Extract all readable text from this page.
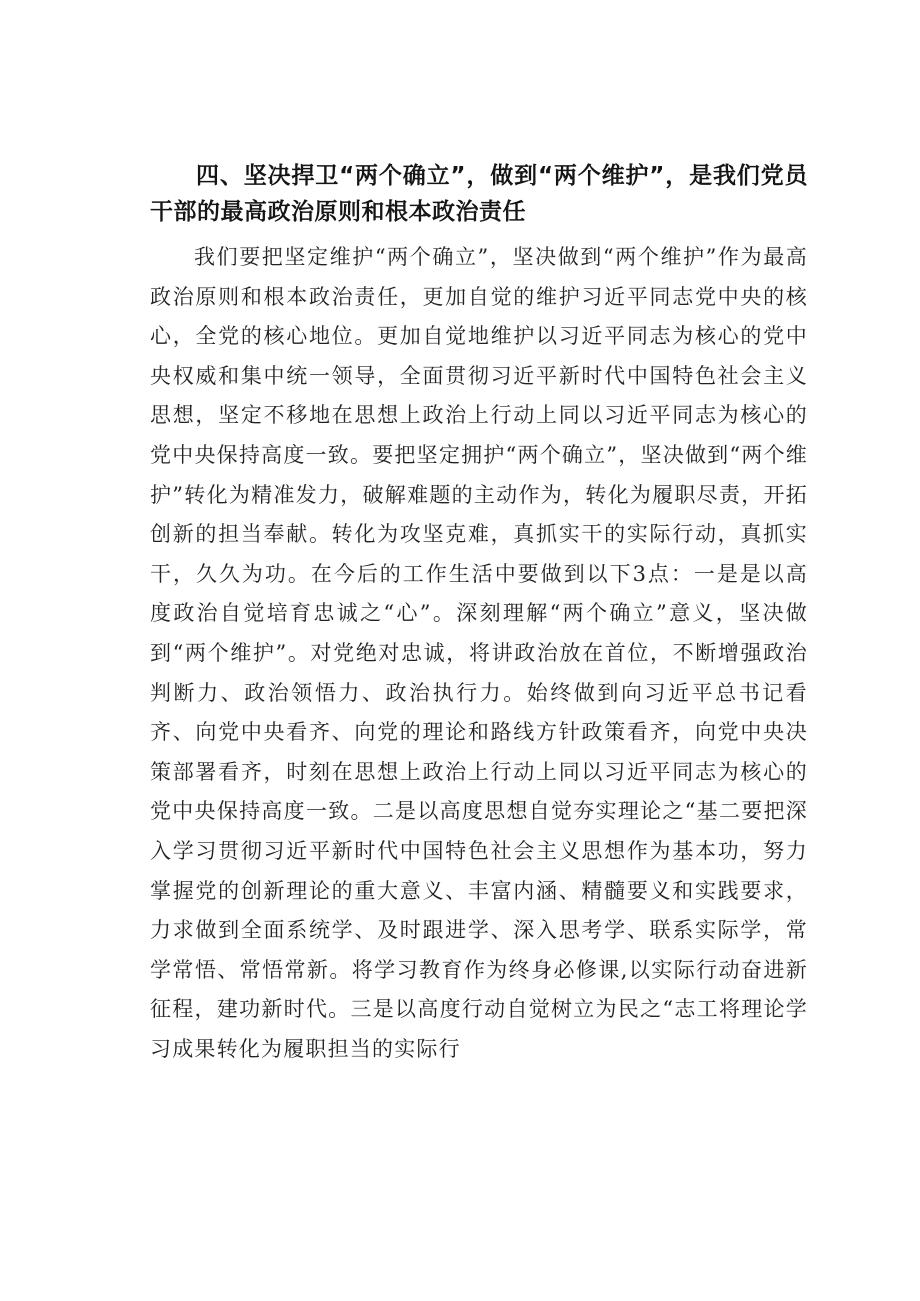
四、坚决捍卫“两个确立”，做到“两个维护”，是我们党员干部的最高政治原则和根本政治责任

我们要把坚定维护“两个确立”，坚决做到“两个维护”作为最高政治原则和根本政治责任，更加自觉的维护习近平同志党中央的核心，全党的核心地位。更加自觉地维护以习近平同志为核心的党中央权威和集中统一领导，全面贯彻习近平新时代中国特色社会主义思想，坚定不移地在思想上政治上行动上同以习近平同志为核心的党中央保持高度一致。要把坚定拥护“两个确立”，坚决做到“两个维护”转化为精准发力，破解难题的主动作为，转化为履职尽责，开拓创新的担当奉献。转化为攻坚克难，真抓实干的实际行动，真抓实干，久久为功。在今后的工作生活中要做到以下3点：一是是以高度政治自觉培育忠诚之“心”。深刻理解“两个确立”意义，坚决做到“两个维护”。对党绝对忠诚，将讲政治放在首位，不断增强政治判断力、政治领悟力、政治执行力。始终做到向习近平总书记看齐、向党中央看齐、向党的理论和路线方针政策看齐，向党中央决策部署看齐，时刻在思想上政治上行动上同以习近平同志为核心的党中央保持高度一致。二是以高度思想自觉夯实理论之“基二要把深入学习贯彻习近平新时代中国特色社会主义思想作为基本功，努力掌握党的创新理论的重大意义、丰富内涵、精髓要义和实践要求，力求做到全面系统学、及时跟进学、深入思考学、联系实际学，常学常悟、常悟常新。将学习教育作为终身必修课,以实际行动奋进新征程，建功新时代。三是以高度行动自觉树立为民之“志工将理论学习成果转化为履职担当的实际行
